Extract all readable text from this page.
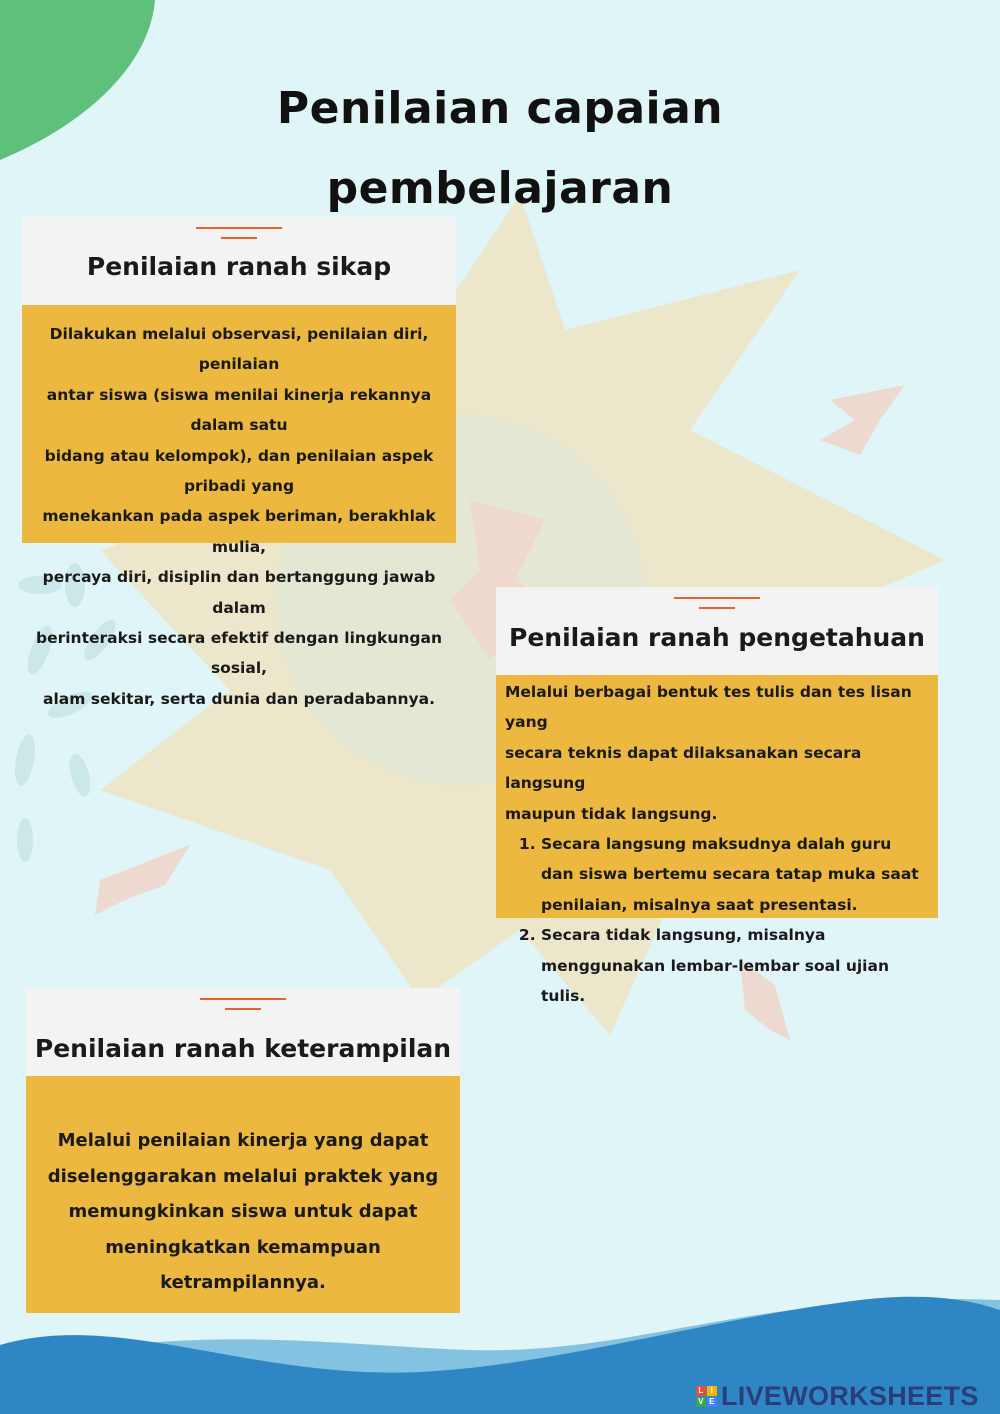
Penilaian capaian
pembelajaran
Penilaian ranah sikap
Dilakukan melalui observasi, penilaian diri, penilaian
antar siswa (siswa menilai kinerja rekannya dalam satu
bidang atau kelompok), dan penilaian aspek pribadi yang
menekankan pada aspek beriman, berakhlak mulia,
percaya diri, disiplin dan bertanggung jawab dalam
berinteraksi secara efektif dengan lingkungan sosial,
alam sekitar, serta dunia dan peradabannya.
Penilaian ranah pengetahuan
Melalui berbagai bentuk tes tulis dan tes lisan yang
secara teknis dapat dilaksanakan secara langsung
maupun tidak langsung.
1. Secara langsung maksudnya dalah guru dan siswa bertemu secara tatap muka saat penilaian, misalnya saat presentasi.
2. Secara tidak langsung, misalnya menggunakan lembar-lembar soal ujian tulis.
Penilaian ranah keterampilan
Melalui penilaian kinerja yang dapat
diselenggarakan melalui praktek yang
memungkinkan siswa untuk dapat
meningkatkan kemampuan ketrampilannya.
L I
V E LIVEWORKSHEETS
